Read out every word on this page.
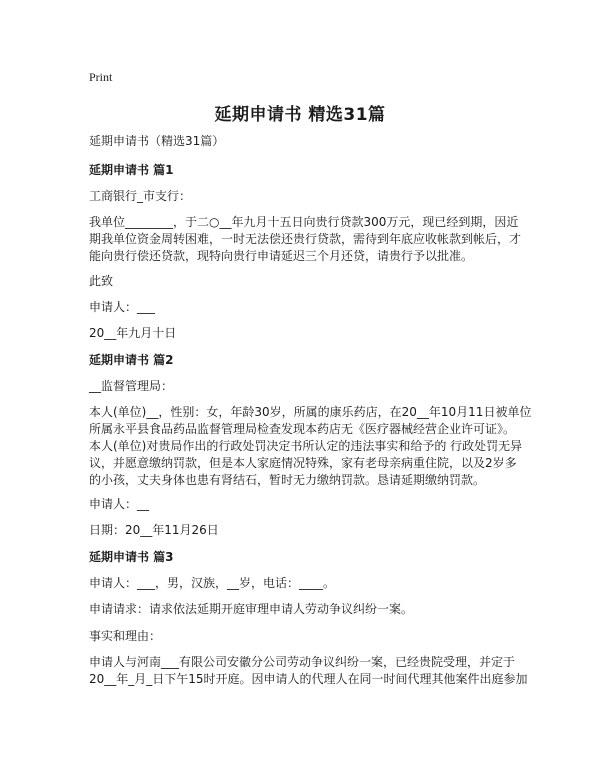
Print
延期申请书 精选31篇
延期申请书（精选31篇）
延期申请书 篇1
工商银行_市支行：
我单位________，于二○__年九月十五日向贵行贷款300万元，现已经到期，因近
期我单位资金周转困难，一时无法偿还贵行贷款，需待到年底应收帐款到帐后，才
能向贵行偿还贷款，现特向贵行申请延迟三个月还贷，请贵行予以批准。
此致
申请人：___
20__年九月十日
延期申请书 篇2
__监督管理局：
本人(单位)__，性别：女，年龄30岁，所属的康乐药店，在20__年10月11日被单位
所属永平县食品药品监督管理局检查发现本药店无《医疗器械经营企业许可证》。
本人(单位)对贵局作出的行政处罚决定书所认定的违法事实和给予的 行政处罚无异
议，并愿意缴纳罚款，但是本人家庭情况特殊，家有老母亲病重住院，以及2岁多
的小孩，丈夫身体也患有肾结石，暂时无力缴纳罚款。恳请延期缴纳罚款。
申请人：__
日期：20__年11月26日
延期申请书 篇3
申请人：___，男，汉族，__岁，电话：____。
申请请求：请求依法延期开庭审理申请人劳动争议纠纷一案。
事实和理由：
申请人与河南___有限公司安徽分公司劳动争议纠纷一案，已经贵院受理，并定于
20__年_月_日下午15时开庭。因申请人的代理人在同一时间代理其他案件出庭参加
